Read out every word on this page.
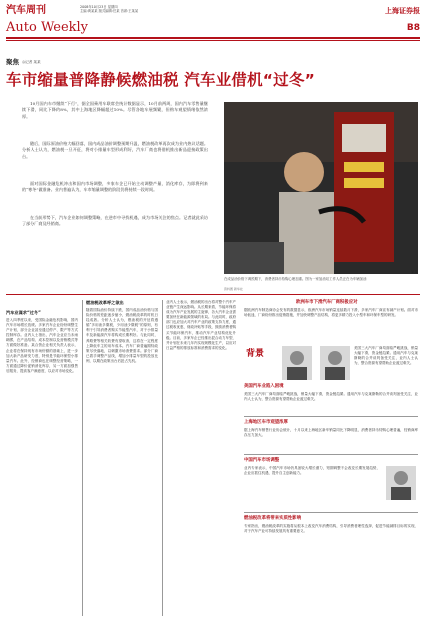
汽车周刊	2008年10月23日 星期四
主编:黄某某 版式编辑:任某 首席:王某某	上海证券报
Auto Weekly	B8
聚焦 ◎记者 某某
车市缩量普降静候燃油税 汽车业借机“过冬”

10月国内车市继续“下行”，据全国乘用车联席会统计数据显示，10月前两周，国内汽车零售量继续下滑，同比下降约8%，其中上海地区降幅超过10%。尽管各地车展频繁，但购车观望情绪依然浓厚。

随后，国际原油价格大幅回落，国内成品油价调整预期升温，燃油税改革再次成为业内热议话题。分析人士认为，燃油税一旦开征，将对小排量车型形成利好，汽车厂商也将借机推出新品迎接政策出台。

面对国际金融危机冲击和国内市场调整，多家车企已开始主动调整产量，消化库存，为即将到来的“寒冬”做准备。业内普遍认为，车市缩量调整的阶段仍将持续一段时间。

在当前形势下，汽车企业如何调整策略，在逆市中寻找机遇，成为市场关注的焦点。记者就此采访了部分厂商及经销商。

某某
在成品油价格下调预期下，消费者持币待购心理加重。图为一家加油站工作人员正在为车辆加油
资料图 新华社
汽车业谋求“过冬”

进入四季度以来，受国际金融危机影响，国内汽车市场增长放缓。多家汽车企业纷纷调整生产计划，部分企业甚至通过停产、限产等方式控制库存。业内人士指出，汽车企业应当未雨绸缪，在产品结构、成本控制以及营销模式等方面做好准备。某合资企业相关负责人表示，企业将在保持现有市场份额的基础上，进一步加大新产品研发力度，特别是节能环保型小排量汽车。此外，经销商也在调整经营策略，一方面通过降价促销消化库存，另一方面加强售后服务，提高客户满意度，以应对市场变化。

燃油税改革呼之欲出

随着国际油价持续下跌，国内成品油价格与国际价格的差距逐步缩小，燃油税改革的时机日趋成熟。分析人士认为，燃油税的开征将遵循“多用油多缴税，少用油少缴税”的原则，有利于引导消费者购买节能型汽车，对于小排量车及新能源汽车将构成长期利好。与此同时，养路费等相关收费有望取消，这将在一定程度上降低车主的用车成本。汽车厂商普遍期待政策尽快落地，以刺激市场消费需求。部分厂商已着手调整产品线，增加小排量车型的投放比例，以期在政策出台后抢占先机。

业内人士表示，燃油税的出台将对整个汽车产业链产生深远影响。从长期来看，节能环保将成为汽车产业发展的主旋律，各大汽车企业需要加快在新能源领域的布局。与此同时，政府部门也应加大对汽车产业的政策支持力度，通过税收优惠、财政补贴等手段，鼓励消费者购买节能环保汽车，推动汽车产业结构优化升级。目前，多家车企已经推出混合动力车型，并计划在未来几年内实现规模化生产，以应对日益严格的排放标准和消费需求的变化。

欧洲车市下滑汽车厂商积极应对

据欧洲汽车制造商协会发布的数据显示，欧洲汽车市场销量连续数月下滑，多家汽车厂商宣布减产计划。面对市场低迷，厂商纷纷推出促销措施，并加快调整产品结构，将更多精力投入小型车和环保车型的研发。

背景

美国三大汽车厂商均面临严峻挑战，销量大幅下滑，资金链趋紧。通用汽车与克莱斯勒的合并谈判备受关注，业内人士认为，整合资源有望帮助企业渡过难关。

美国汽车业陷入困境

美国三大汽车厂商均面临严峻挑战，销量大幅下滑，资金链趋紧。通用汽车与克莱斯勒的合并谈判备受关注，业内人士认为，整合资源有望帮助企业渡过难关。

上海地区车市观望浓厚

据上海汽车销售行业协会统计，十月以来上海地区新车销量同比下降明显，消费者持币待购心理普遍，经销商库存压力加大。

中国汽车市场调整

业内专家表示，中国汽车市场仍具备较大增长潜力，短期调整不会改变长期发展趋势，企业应抓住机遇，提升自主创新能力。

燃油税改革将带来实质性影响

专家指出，燃油税改革的实施将从根本上改变汽车消费结构，引导消费者理性选择，促进节能减排目标的实现，对于汽车产业可持续发展具有重要意义。
